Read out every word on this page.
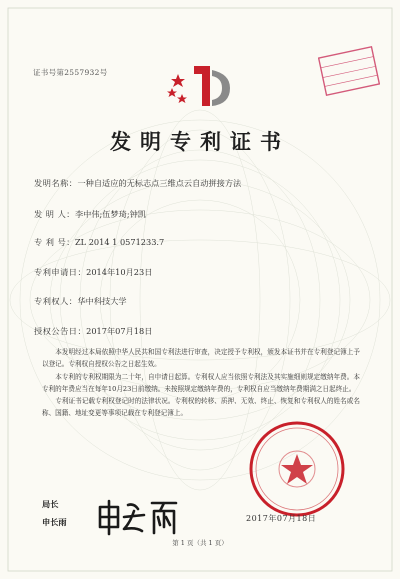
证书号第2557932号
发明专利证书
发明名称：一种自适应的无标志点三维点云自动拼接方法
发 明 人：李中伟;伍梦琦;钟凯
专 利 号：ZL 2014 1 0571233.7
专利申请日：2014年10月23日
专利权人：华中科技大学
授权公告日：2017年07月18日
本发明经过本局依照中华人民共和国专利法进行审查，决定授予专利权，颁发本证书并在专利登记簿上予以登记。专利权自授权公告之日起生效。
本专利的专利权期限为二十年，自申请日起算。专利权人应当依照专利法及其实施细则规定缴纳年费。本专利的年费应当在每年10月23日前缴纳。未按照规定缴纳年费的，专利权自应当缴纳年费期满之日起终止。
专利证书记载专利权登记时的法律状况。专利权的转移、质押、无效、终止、恢复和专利权人的姓名或名称、国籍、地址变更等事项记载在专利登记簿上。
局长
申长雨	2017年07月18日
第 1 页（共 1 页）
